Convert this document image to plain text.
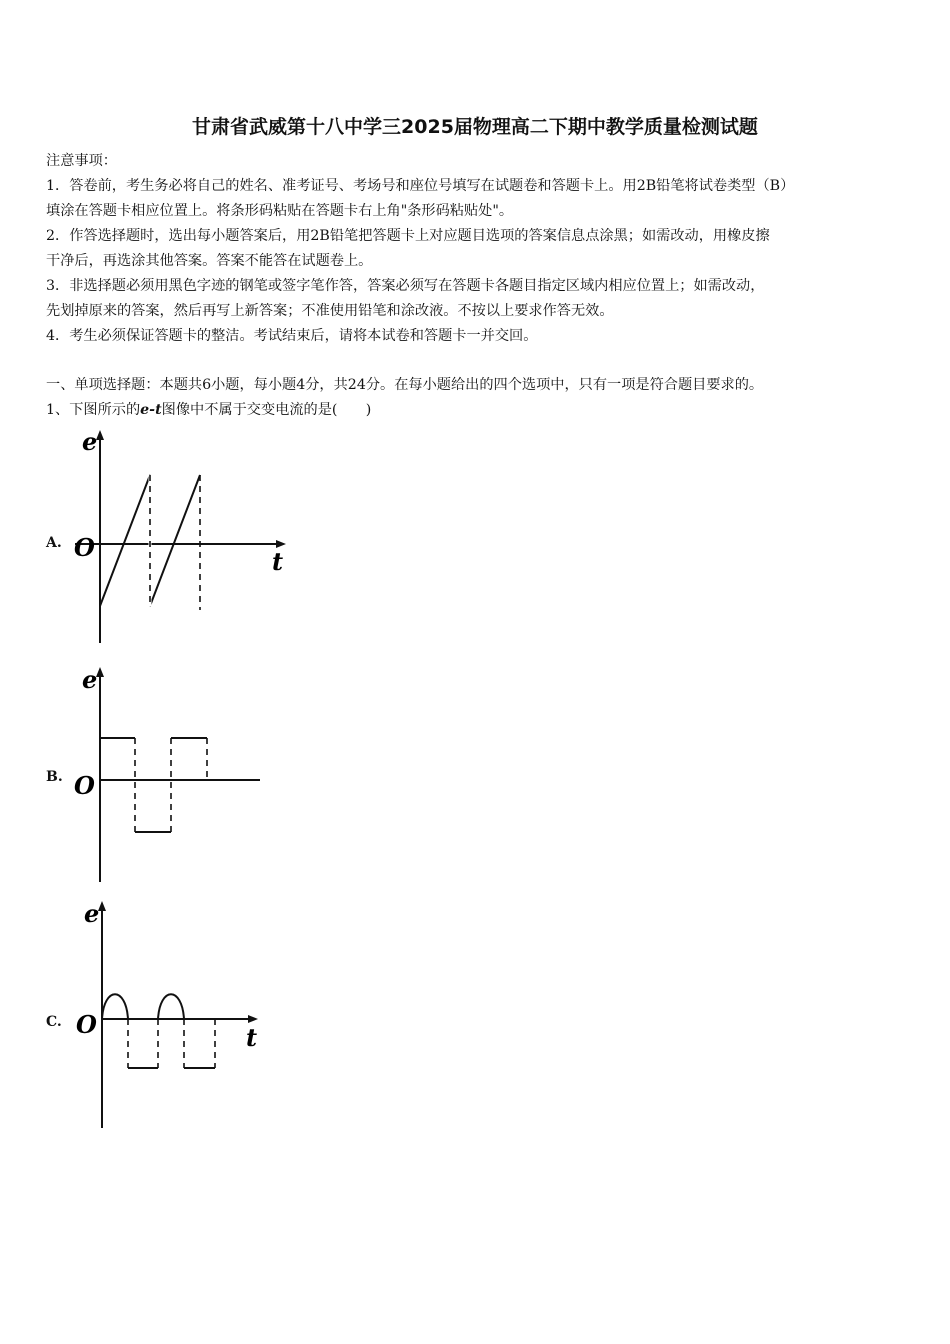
甘肃省武威第十八中学三2025届物理高二下期中教学质量检测试题

注意事项：

1．答卷前，考生务必将自己的姓名、准考证号、考场号和座位号填写在试题卷和答题卡上。用2B铅笔将试卷类型（B）

填涂在答题卡相应位置上。将条形码粘贴在答题卡右上角"条形码粘贴处"。

2．作答选择题时，选出每小题答案后，用2B铅笔把答题卡上对应题目选项的答案信息点涂黑；如需改动，用橡皮擦

干净后，再选涂其他答案。答案不能答在试题卷上。

3．非选择题必须用黑色字迹的钢笔或签字笔作答，答案必须写在答题卡各题目指定区域内相应位置上；如需改动，

先划掉原来的答案，然后再写上新答案；不准使用铅笔和涂改液。不按以上要求作答无效。

4．考生必须保证答题卡的整洁。考试结束后，请将本试卷和答题卡一并交回。

一、单项选择题：本题共6小题，每小题4分，共24分。在每小题给出的四个选项中，只有一项是符合题目要求的。

1、下图所示的e-t图像中不属于交变电流的是(　　)

A.
e
O	t
B.
e
O
C.
e
O	t
